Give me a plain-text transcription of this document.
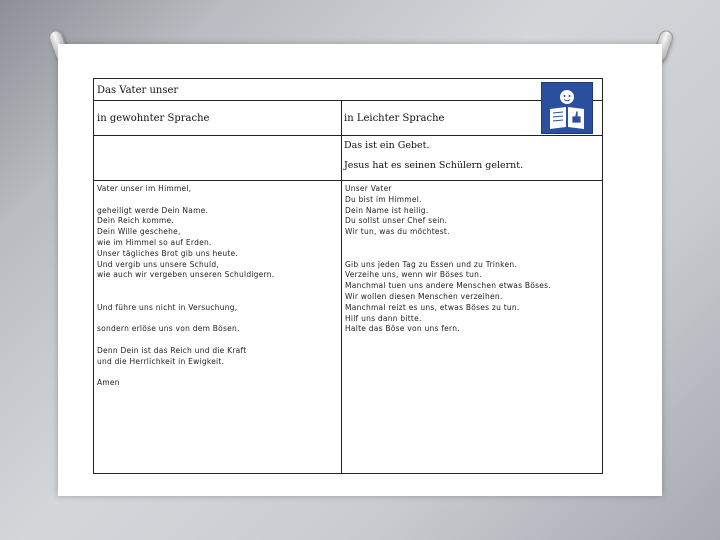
Das Vater unser
in gewohnter Sprache	in Leichter Sprache
Das ist ein Gebet.
Jesus hat es seinen Schülern gelernt.
Vater unser im Himmel,

geheiligt werde Dein Name.
Dein Reich komme.
Dein Wille geschehe,
wie im Himmel so auf Erden.
Unser tägliches Brot gib uns heute.
Und vergib uns unsere Schuld,
wie auch wir vergeben unseren Schuldigern.

Und führe uns nicht in Versuchung,

sondern erlöse uns von dem Bösen.

Denn Dein ist das Reich und die Kraft
und die Herrlichkeit in Ewigkeit.

Amen
Unser Vater
Du bist im Himmel.
Dein Name ist heilig.
Du sollst unser Chef sein.
Wir tun, was du möchtest.

Gib uns jeden Tag zu Essen und zu Trinken.
Verzeihe uns, wenn wir Böses tun.
Manchmal tuen uns andere Menschen etwas Böses.
Wir wollen diesen Menschen verzeihen.
Manchmal reizt es uns, etwas Böses zu tun.
Hilf uns dann bitte.
Halte das Böse von uns fern.
